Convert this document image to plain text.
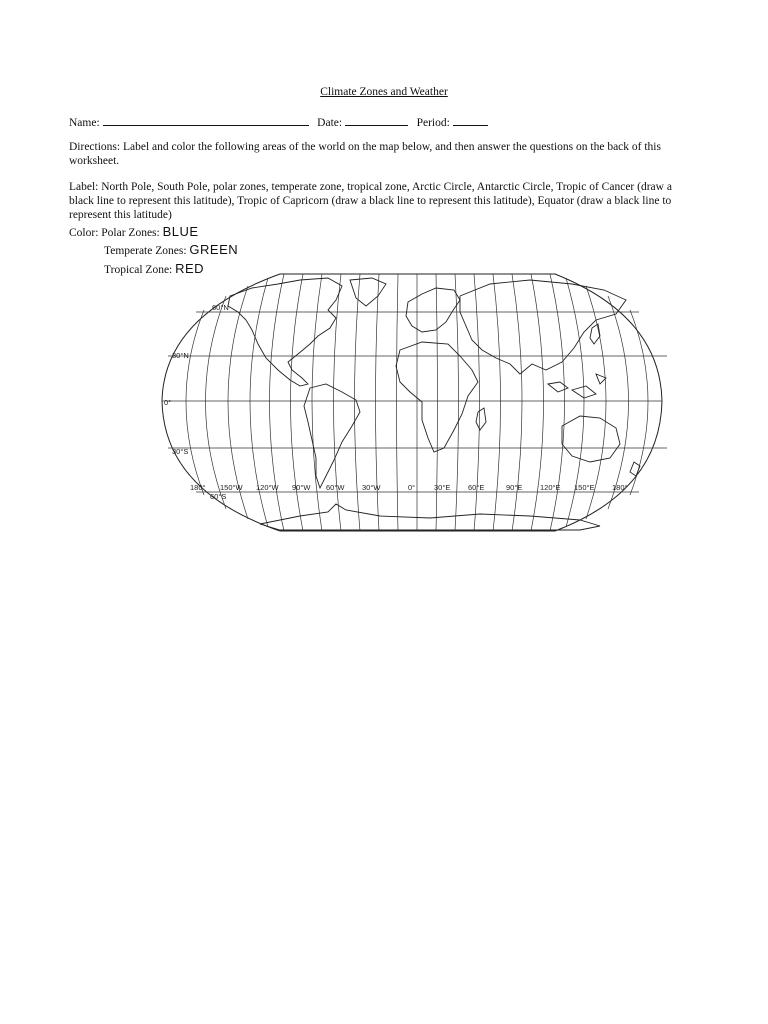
Climate Zones and Weather
Name:	Date:	Period:
Directions: Label and color the following areas of the world on the map below, and then answer the questions on the back of this worksheet.
Label: North Pole, South Pole, polar zones, temperate zone, tropical zone, Arctic Circle, Antarctic Circle, Tropic of Cancer (draw a black line to represent this latitude), Tropic of Capricorn (draw a black line to represent this latitude), Equator (draw a black line to represent this latitude)
Color: Polar Zones: BLUE
Temperate Zones: GREEN
Tropical Zone: RED
60°N
30°N
0°
30°S
60°S
180° 150°W 120°W 90°W 60°W 30°W	0°	30°E 60°E	90°E 120°E 150°E 180°
